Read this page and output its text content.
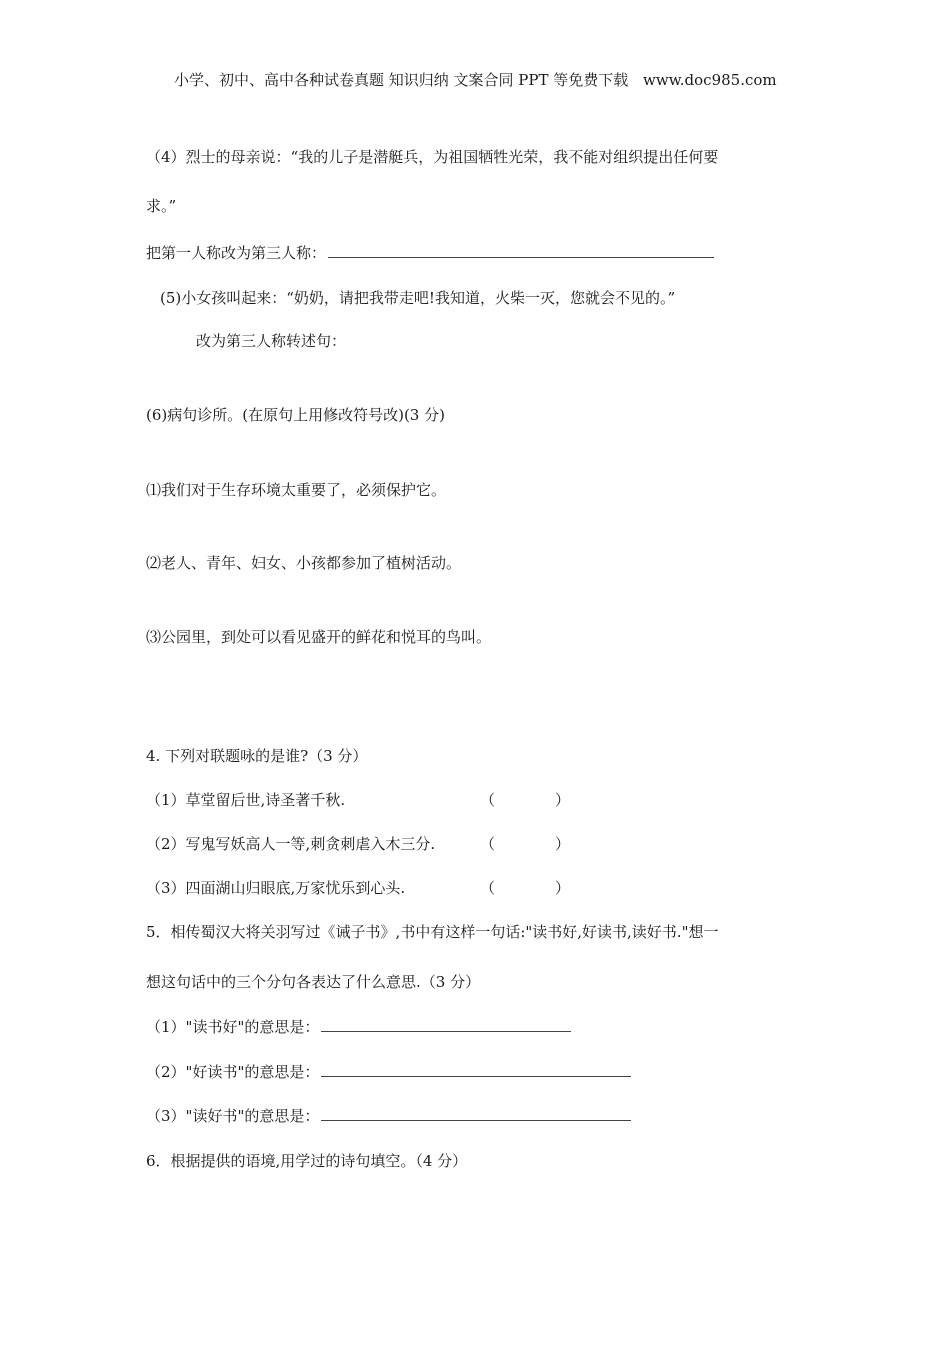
小学、初中、高中各种试卷真题 知识归纳 文案合同 PPT 等免费下载 www.doc985.com
（4）烈士的母亲说：“我的儿子是潜艇兵，为祖国牺牲光荣，我不能对组织提出任何要
求。”
把第一人称改为第三人称：
(5)小女孩叫起来：“奶奶，请把我带走吧!我知道，火柴一灭，您就会不见的。”
改为第三人称转述句：
(6)病句诊所。(在原句上用修改符号改)(3 分)
⑴我们对于生存环境太重要了，必须保护它。
⑵老人、青年、妇女、小孩都参加了植树活动。
⑶公园里，到处可以看见盛开的鲜花和悦耳的鸟叫。
4. 下列对联题咏的是谁?（3 分）
（1）草堂留后世,诗圣著千秋.	（　　　　）
（2）写鬼写妖高人一等,刺贪刺虐入木三分.	（　　　　）
（3）四面湖山归眼底,万家忧乐到心头.	（　　　　）
5．相传蜀汉大将关羽写过《诫子书》,书中有这样一句话:"读书好,好读书,读好书."想一
想这句话中的三个分句各表达了什么意思.（3 分）
（1）"读书好"的意思是：
（2）"好读书"的意思是：
（3）"读好书"的意思是：
6．根据提供的语境,用学过的诗句填空。（4 分）
